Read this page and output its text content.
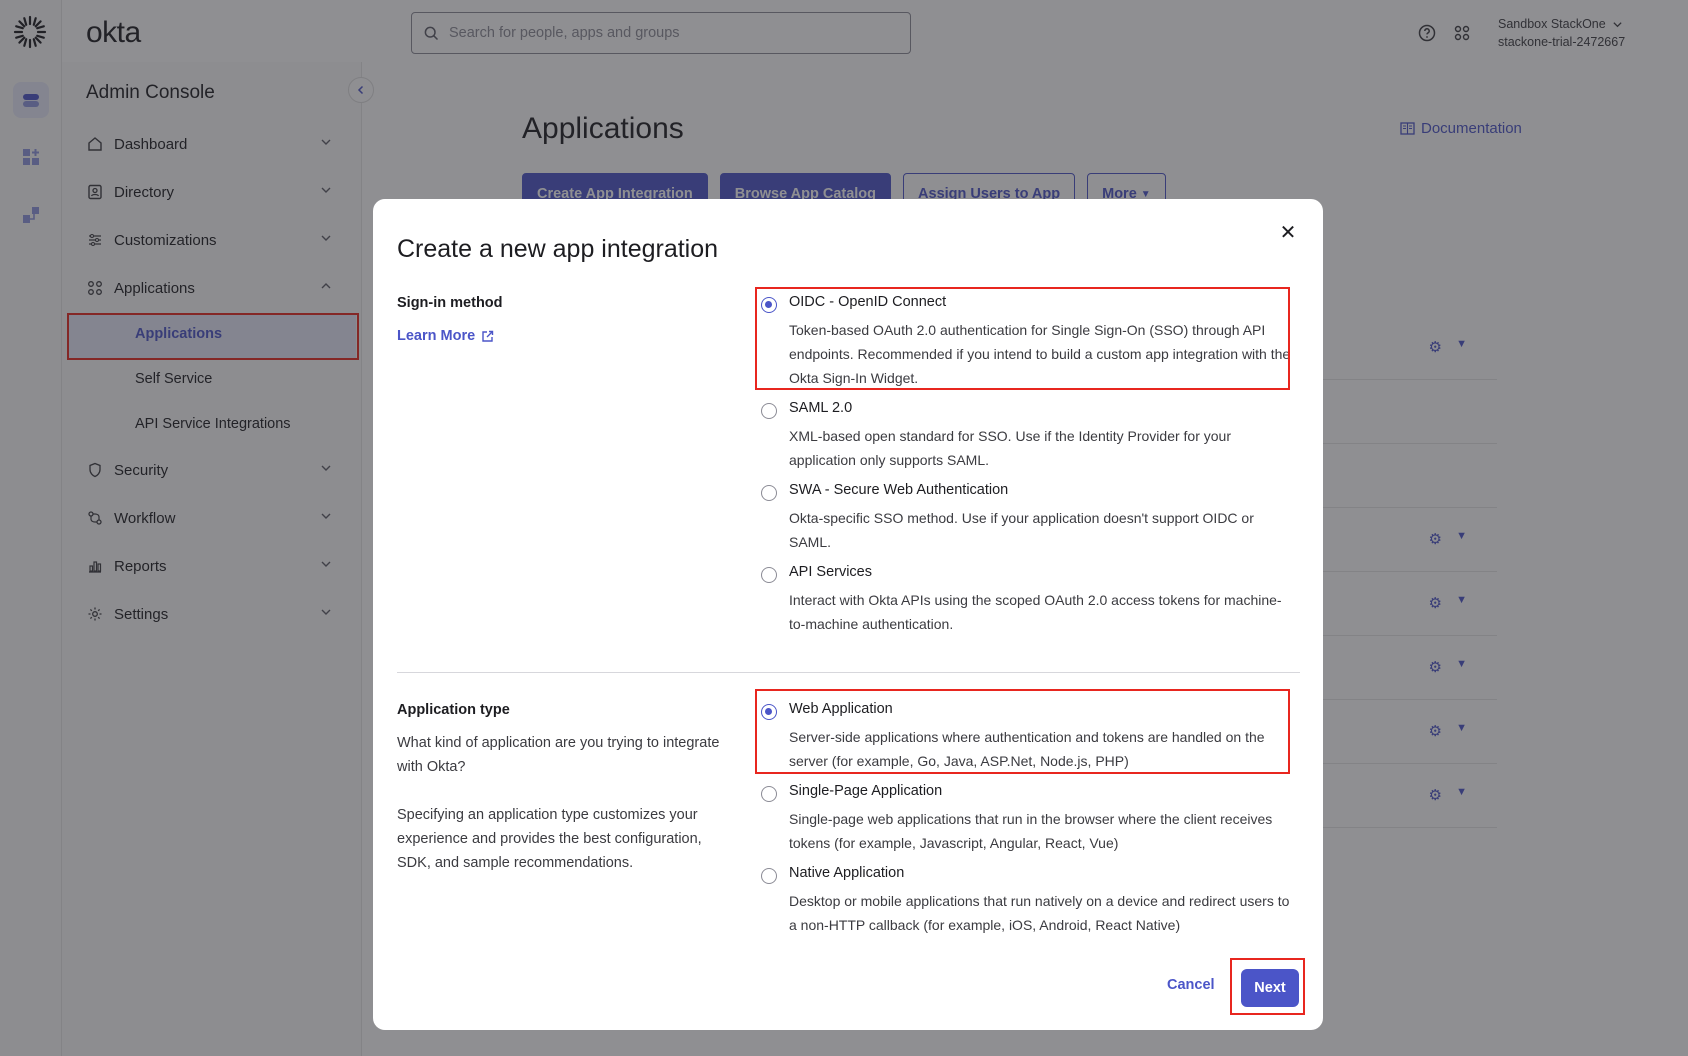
Search for people, apps and groups

Create a new app integration
✕
Sign-in method
Learn More
OIDC - OpenID Connect
Token-based OAuth 2.0 authentication for Single Sign-On (SSO) through API endpoints. Recommended if you intend to build a custom app integration with the Okta Sign-In Widget.
SAML 2.0
XML-based open standard for SSO. Use if the Identity Provider for your application only supports SAML.
SWA - Secure Web Authentication
Okta-specific SSO method. Use if your application doesn't support OIDC or SAML.
API Services
Interact with Okta APIs using the scoped OAuth 2.0 access tokens for machine-to-machine authentication.
Application type
What kind of application are you trying to integrate with Okta?
Specifying an application type customizes your experience and provides the best configuration, SDK, and sample recommendations.
Web Application
Server-side applications where authentication and tokens are handled on the server (for example, Go, Java, ASP.Net, Node.js, PHP)
Single-Page Application
Single-page web applications that run in the browser where the client receives tokens (for example, Javascript, Angular, React, Vue)
Native Application
Desktop or mobile applications that run natively on a device and redirect users to a non-HTTP callback (for example, iOS, Android, React Native)
Cancel	Next
